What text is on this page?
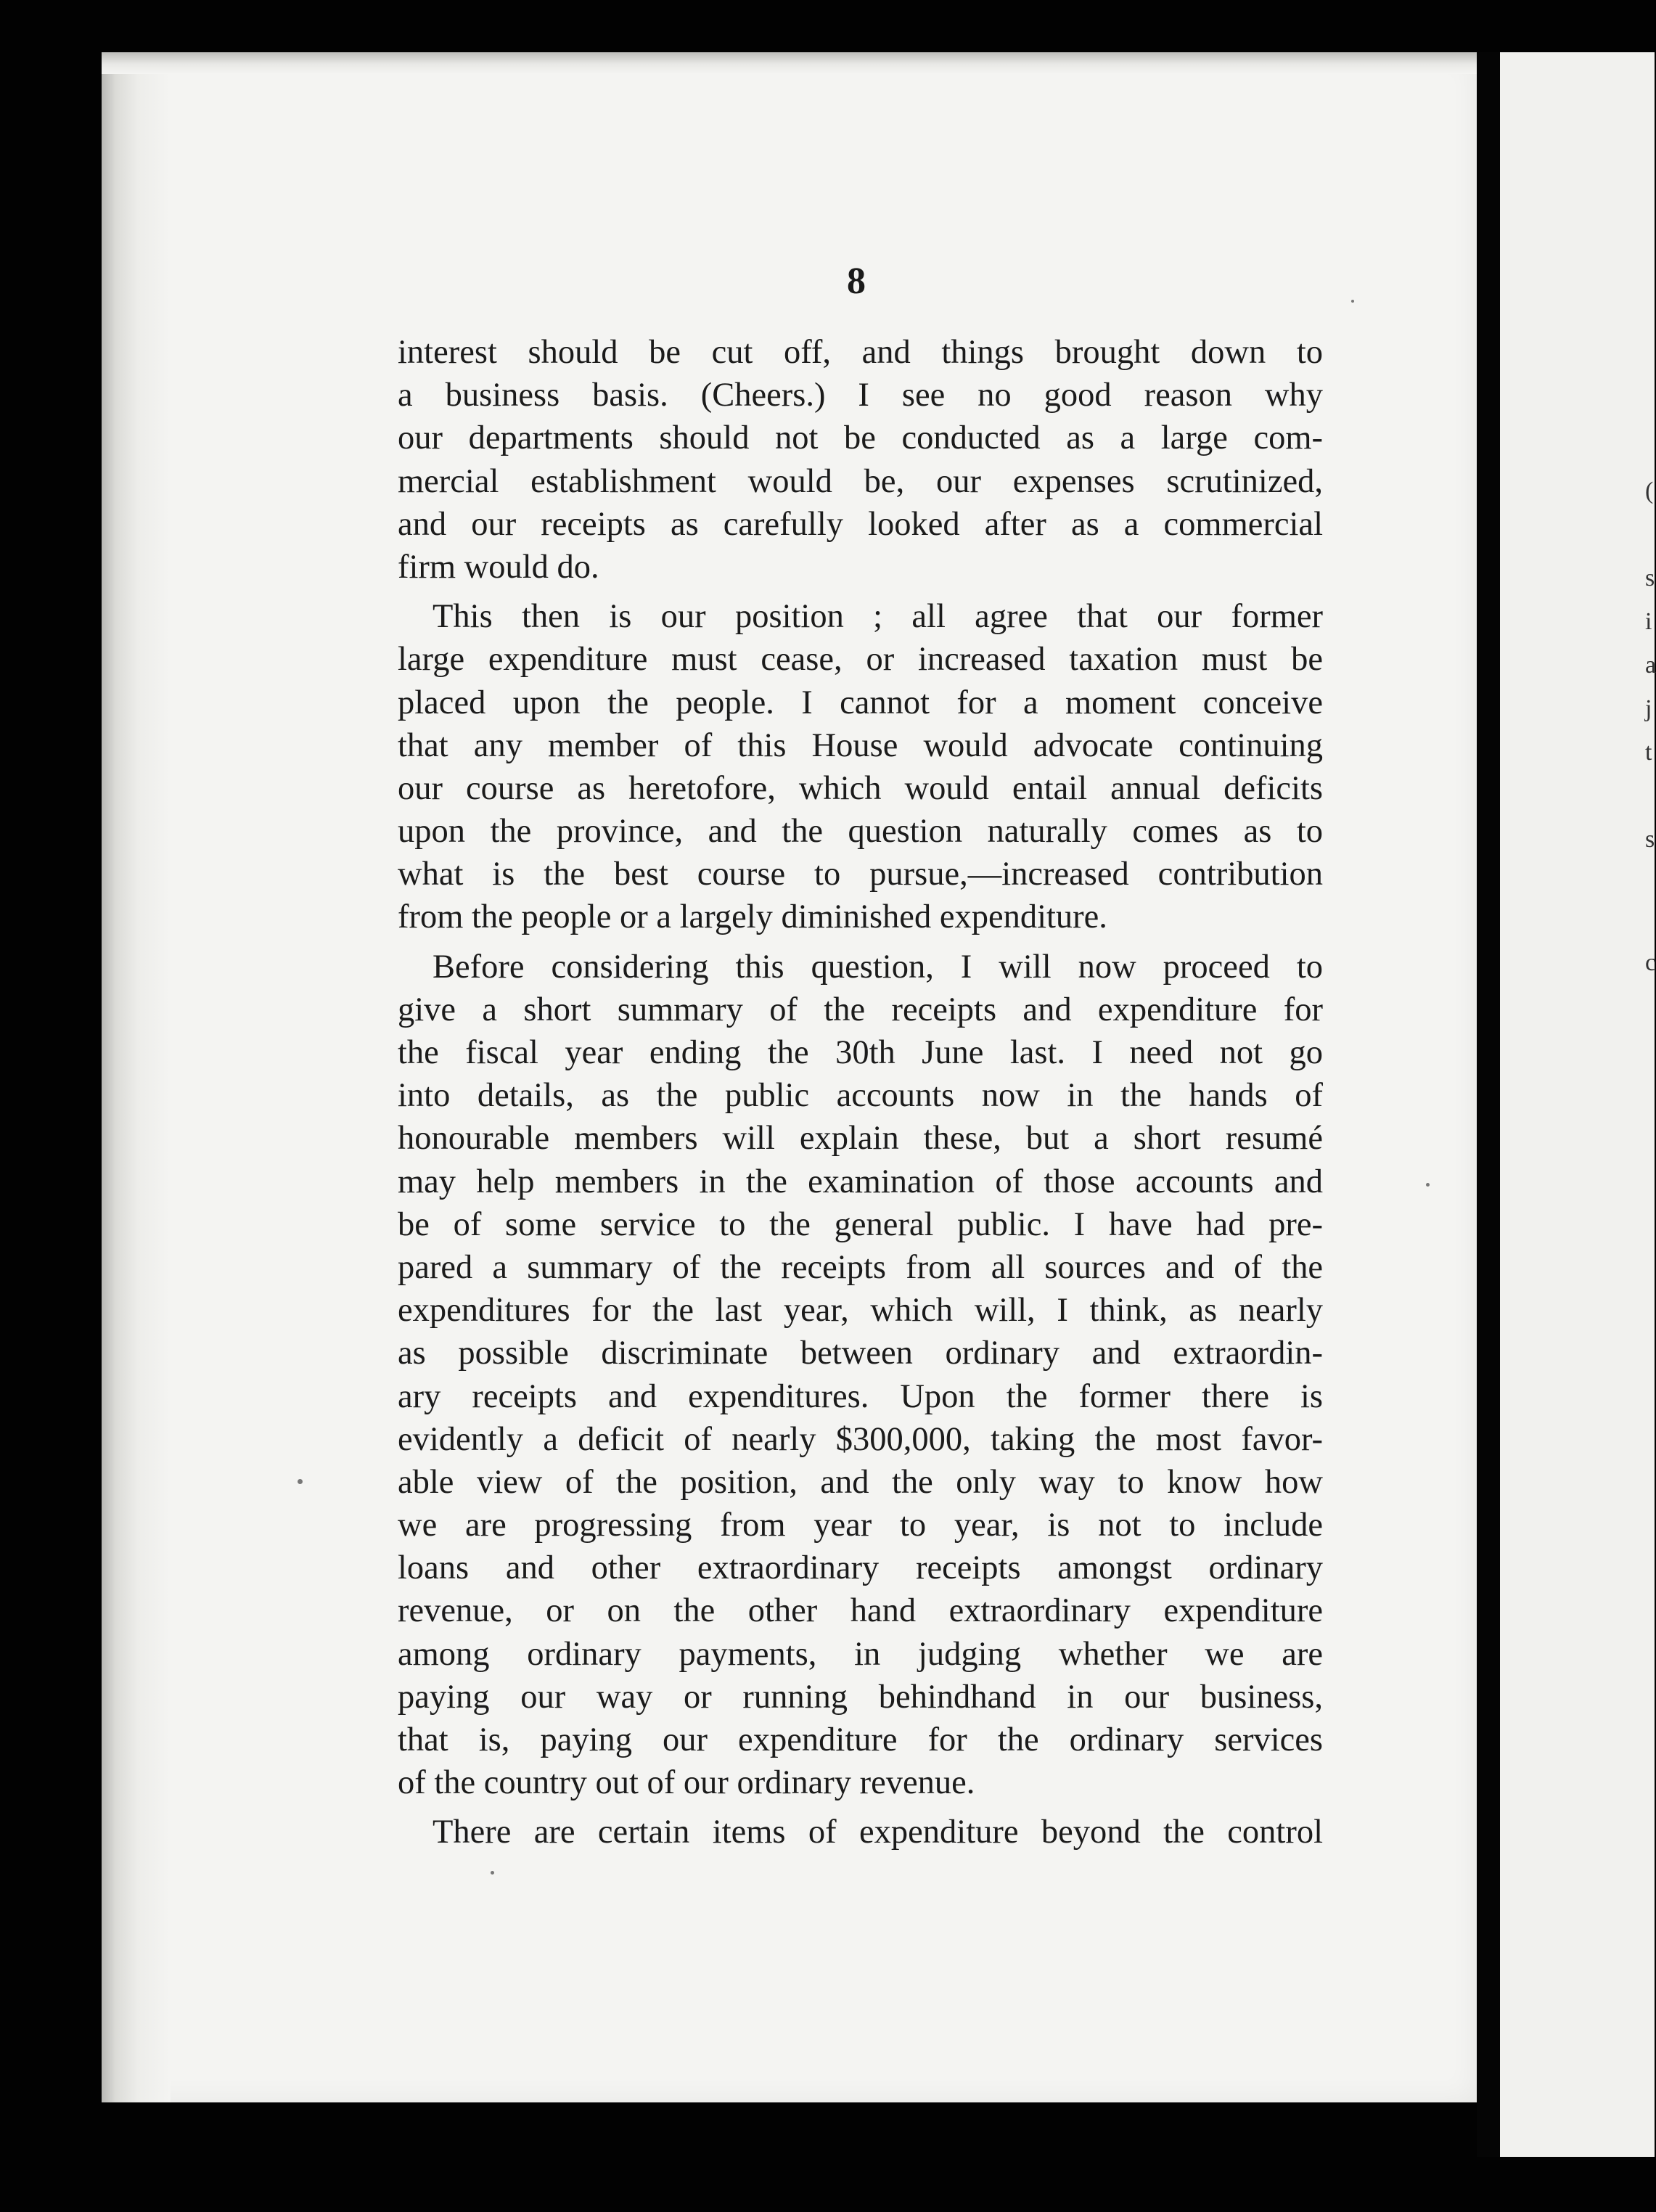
(
s
i
a
j
t
s
c
8
interest should be cut off, and things brought down to
a business basis. (Cheers.) I see no good reason why
our departments should not be conducted as a large com-
mercial establishment would be, our expenses scrutinized,
and our receipts as carefully looked after as a commercial
firm would do.
This then is our position ; all agree that our former
large expenditure must cease, or increased taxation must be
placed upon the people. I cannot for a moment conceive
that any member of this House would advocate continuing
our course as heretofore, which would entail annual deficits
upon the province, and the question naturally comes as to
what is the best course to pursue,—increased contribution
from the people or a largely diminished expenditure.
Before considering this question, I will now proceed to
give a short summary of the receipts and expenditure for
the fiscal year ending the 30th June last. I need not go
into details, as the public accounts now in the hands of
honourable members will explain these, but a short resumé
may help members in the examination of those accounts and
be of some service to the general public. I have had pre-
pared a summary of the receipts from all sources and of the
expenditures for the last year, which will, I think, as nearly
as possible discriminate between ordinary and extraordin-
ary receipts and expenditures. Upon the former there is
evidently a deficit of nearly $300,000, taking the most favor-
able view of the position, and the only way to know how
we are progressing from year to year, is not to include
loans and other extraordinary receipts amongst ordinary
revenue, or on the other hand extraordinary expenditure
among ordinary payments, in judging whether we are
paying our way or running behindhand in our business,
that is, paying our expenditure for the ordinary services
of the country out of our ordinary revenue.
There are certain items of expenditure beyond the control
